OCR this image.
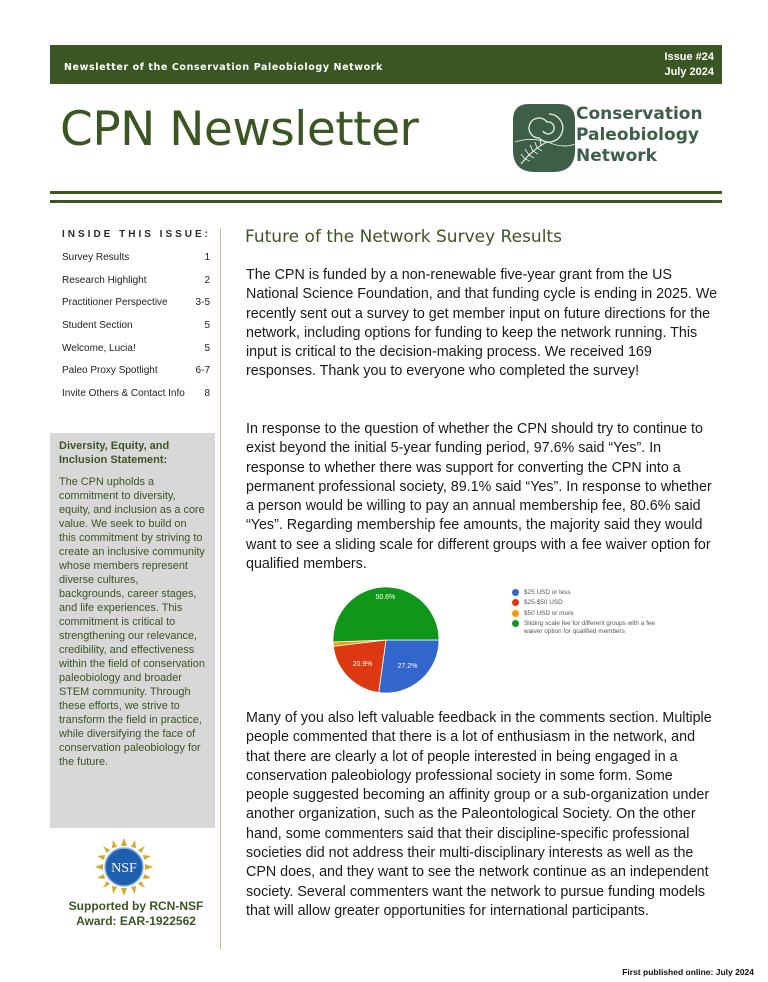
Newsletter of the Conservation Paleobiology Network
Issue #24
July 2024
CPN Newsletter	Conservation
Paleobiology
Network
INSIDE THIS ISSUE:
Survey Results	1
Research Highlight	2
Practitioner Perspective	3-5
Student Section	5
Welcome, Lucia!	5
Paleo Proxy Spotlight	6-7
Invite Others & Contact Info 8
Diversity, Equity, and Inclusion Statement:
The CPN upholds a commitment to diversity, equity, and inclusion as a core value. We seek to build on this commitment by striving to create an inclusive community whose members represent diverse cultures, backgrounds, career stages, and life experiences. This commitment is critical to strengthening our relevance, credibility, and effectiveness within the field of conservation paleobiology and broader STEM community. Through these efforts, we strive to transform the field in practice, while diversifying the face of conservation paleobiology for the future.
NSF
Supported by RCN-NSF
Award: EAR-1922562
Future of the Network Survey Results
The CPN is funded by a non-renewable five-year grant from the US National Science Foundation, and that funding cycle is ending in 2025. We recently sent out a survey to get member input on future directions for the network, including options for funding to keep the network running. This input is critical to the decision-making process. We received 169 responses. Thank you to everyone who completed the survey!
In response to the question of whether the CPN should try to continue to exist beyond the initial 5-year funding period, 97.6% said “Yes”. In response to whether there was support for converting the CPN into a permanent professional society, 89.1% said “Yes”. In response to whether a person would be willing to pay an annual membership fee, 80.6% said “Yes”. Regarding membership fee amounts, the majority said they would want to see a sliding scale for different groups with a fee waiver option for qualified members.
27.2%
20.9%
50.6%
$25 USD or less
$25-$50 USD
$50 USD or more
Sliding scale fee for different groups with a fee waiver option for qualified members
Many of you also left valuable feedback in the comments section. Multiple people commented that there is a lot of enthusiasm in the network, and that there are clearly a lot of people interested in being engaged in a conservation paleobiology professional society in some form. Some people suggested becoming an affinity group or a sub-organization under another organization, such as the Paleontological Society. On the other hand, some commenters said that their discipline-specific professional societies did not address their multi-disciplinary interests as well as the CPN does, and they want to see the network continue as an independent society. Several commenters want the network to pursue funding models that will allow greater opportunities for international participants.
First published online: July 2024
